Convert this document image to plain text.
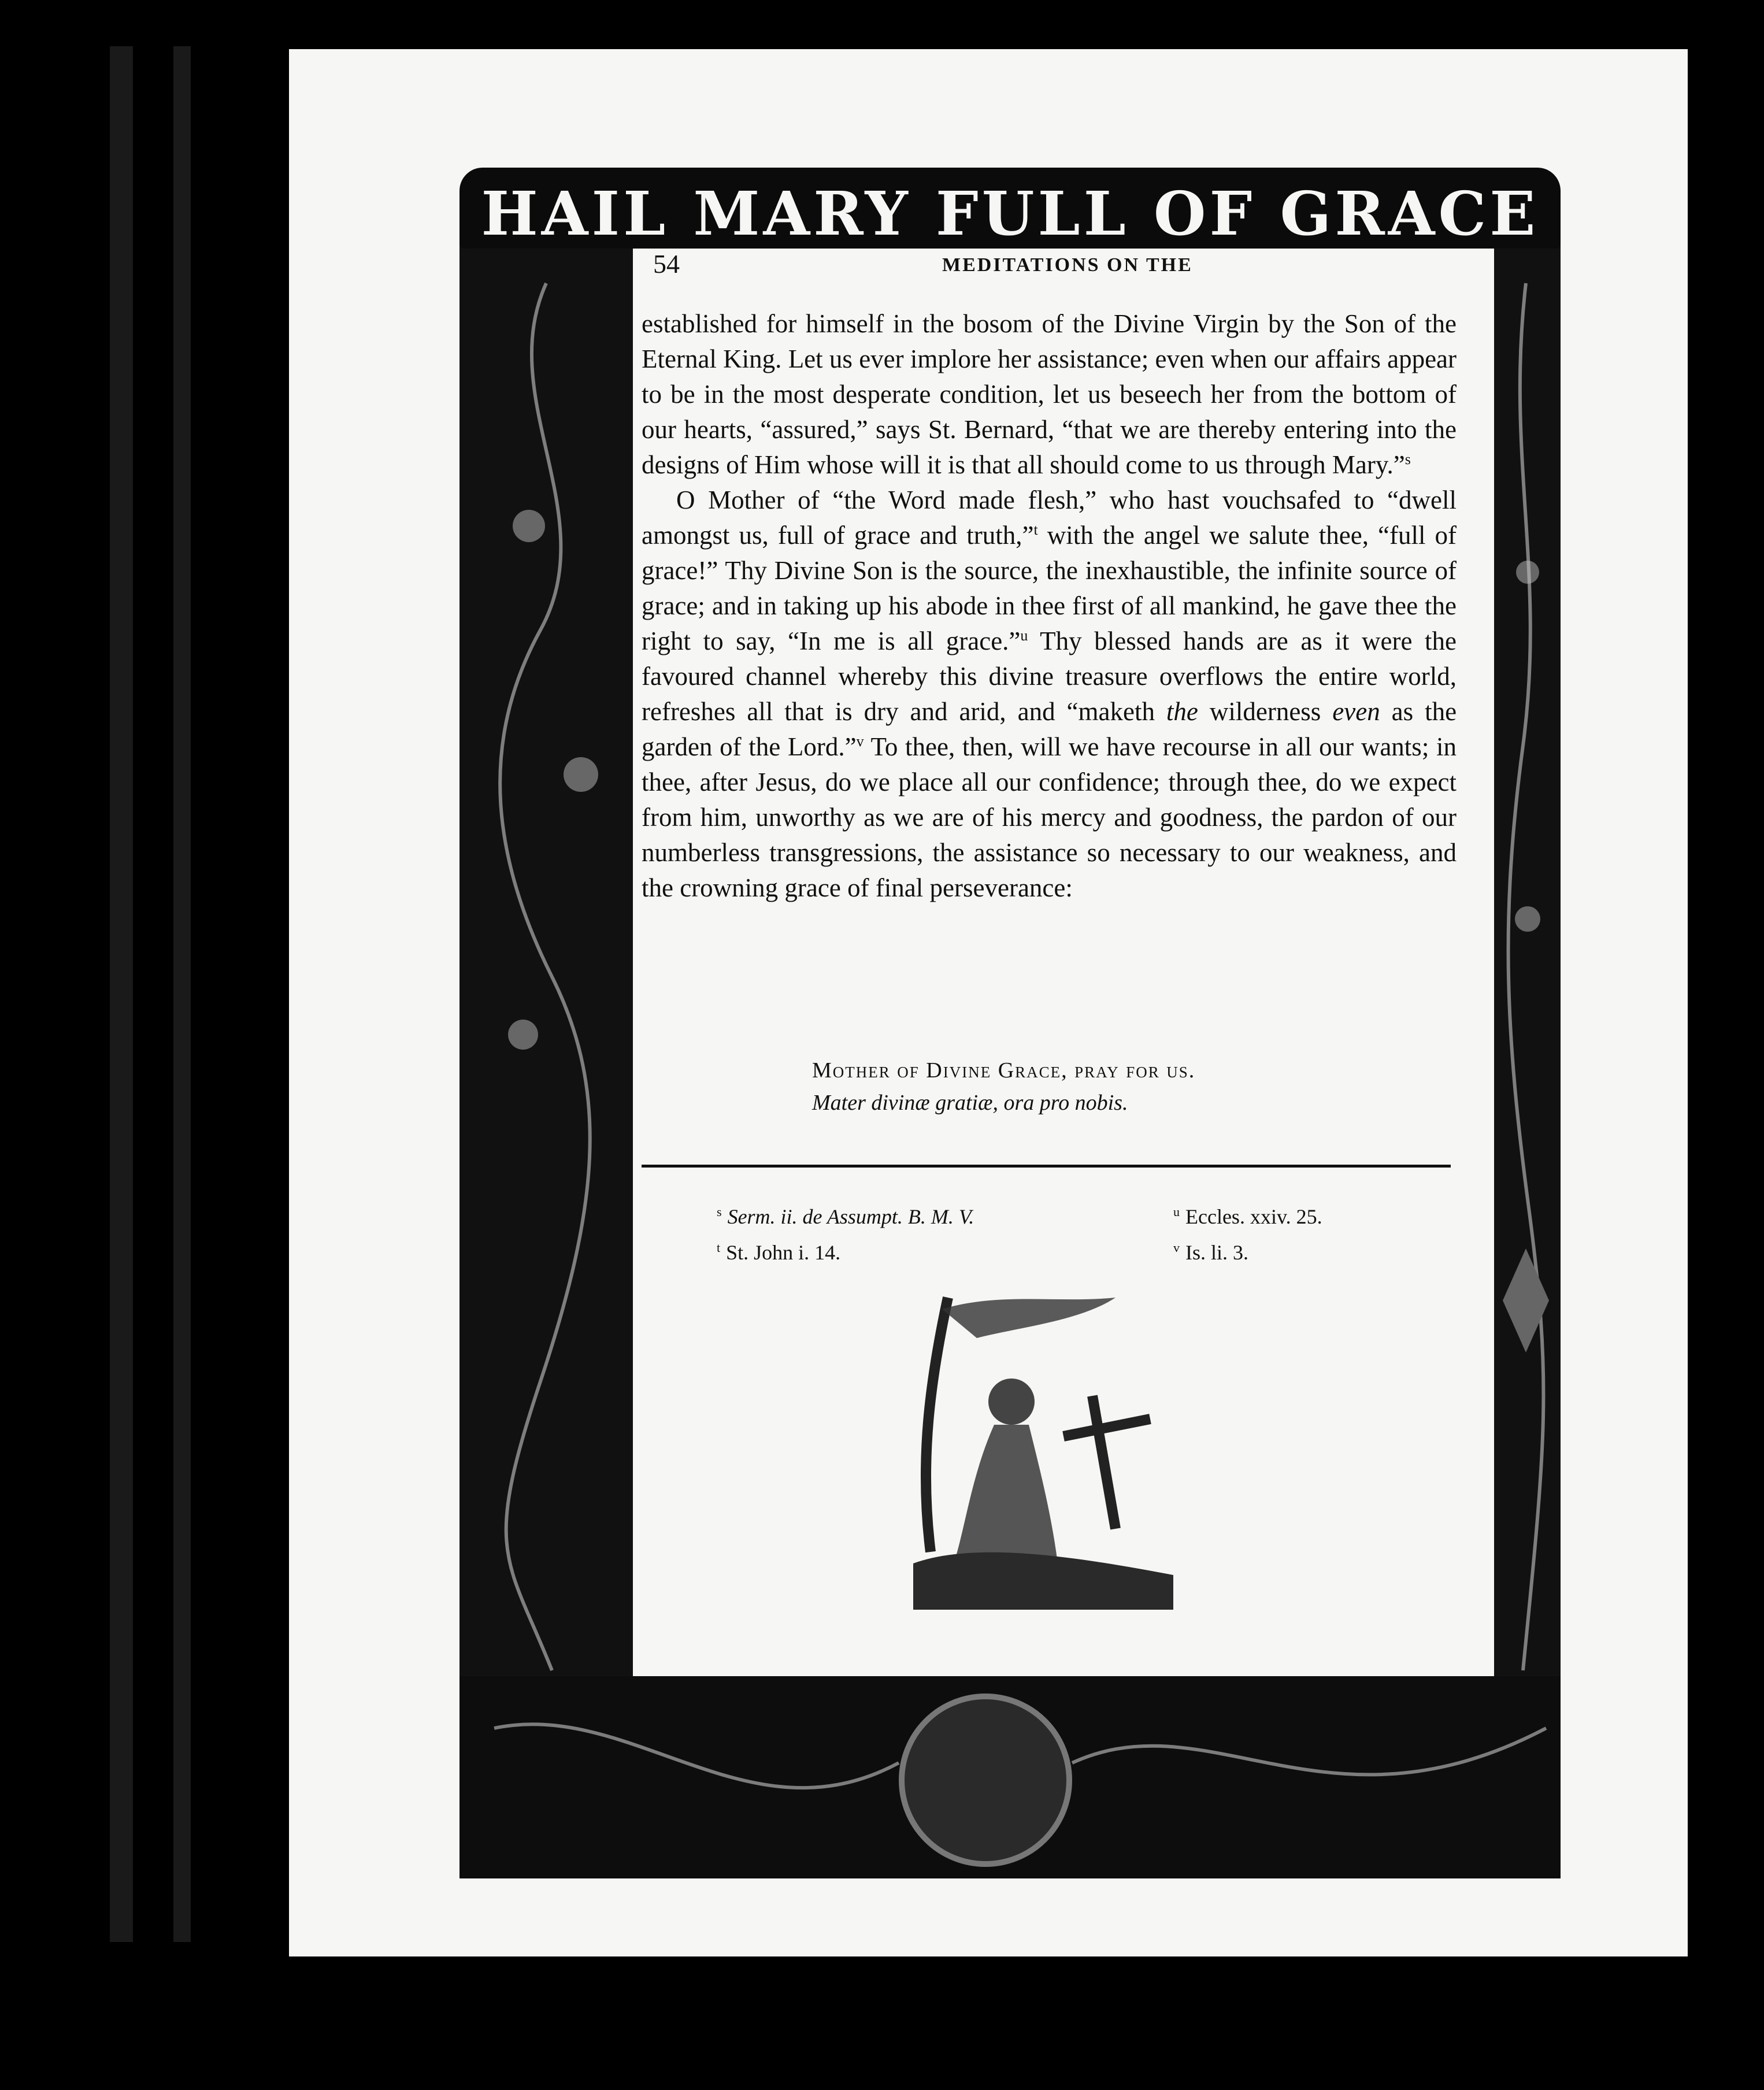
HAIL MARY FULL OF GRACE
54	MEDITATIONS ON THE

established for himself in the bosom of the Divine Virgin by the Son of the Eternal King. Let us ever implore her assistance; even when our affairs appear to be in the most desperate condition, let us beseech her from the bottom of our hearts, “assured,” says St. Bernard, “that we are thereby entering into the designs of Him whose will it is that all should come to us through Mary.”$^s$

O Mother of “the Word made flesh,” who hast vouchsafed to “dwell amongst us, full of grace and truth,”$^t$ with the angel we salute thee, “full of grace!” Thy Divine Son is the source, the inexhaustible, the infinite source of grace; and in taking up his abode in thee first of all mankind, he gave thee the right to say, “In me is all grace.”$^u$ Thy blessed hands are as it were the favoured channel whereby this divine treasure overflows the entire world, refreshes all that is dry and arid, and “maketh the wilderness even as the garden of the Lord.”$^v$ To thee, then, will we have recourse in all our wants; in thee, after Jesus, do we place all our confidence; through thee, do we expect from him, unworthy as we are of his mercy and goodness, the pardon of our numberless transgressions, the assistance so necessary to our weakness, and the crowning grace of final perseverance:

Mother of Divine Grace, pray for us.
Mater divinæ gratiæ, ora pro nobis.
$^s$ Serm. ii. de Assumpt. B. M. V.
$^t$ St. John i. 14.
$^u$ Eccles. xxiv. 25.
$^v$ Is. li. 3.
